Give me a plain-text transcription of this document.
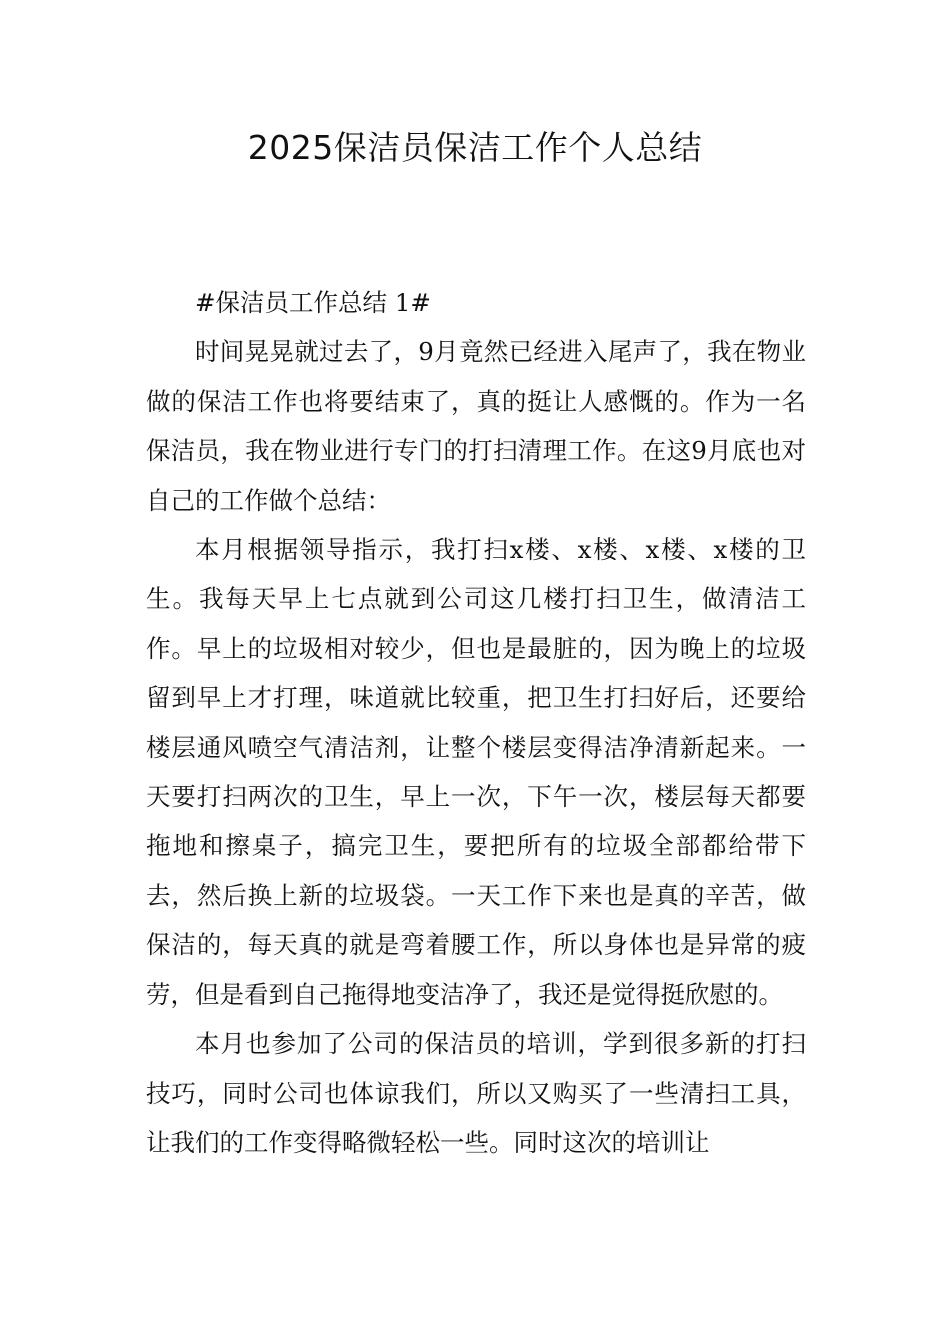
2025保洁员保洁工作个人总结

#保洁员工作总结 1#

时间晃晃就过去了，9月竟然已经进入尾声了，我在物业做的保洁工作也将要结束了，真的挺让人感慨的。作为一名保洁员，我在物业进行专门的打扫清理工作。在这9月底也对自己的工作做个总结：

本月根据领导指示，我打扫x楼、x楼、x楼、x楼的卫生。我每天早上七点就到公司这几楼打扫卫生，做清洁工作。早上的垃圾相对较少，但也是最脏的，因为晚上的垃圾留到早上才打理，味道就比较重，把卫生打扫好后，还要给楼层通风喷空气清洁剂，让整个楼层变得洁净清新起来。一天要打扫两次的卫生，早上一次，下午一次，楼层每天都要拖地和擦桌子，搞完卫生，要把所有的垃圾全部都给带下去，然后换上新的垃圾袋。一天工作下来也是真的辛苦，做保洁的，每天真的就是弯着腰工作，所以身体也是异常的疲劳，但是看到自己拖得地变洁净了，我还是觉得挺欣慰的。

本月也参加了公司的保洁员的培训，学到很多新的打扫技巧，同时公司也体谅我们，所以又购买了一些清扫工具，让我们的工作变得略微轻松一些。同时这次的培训让
